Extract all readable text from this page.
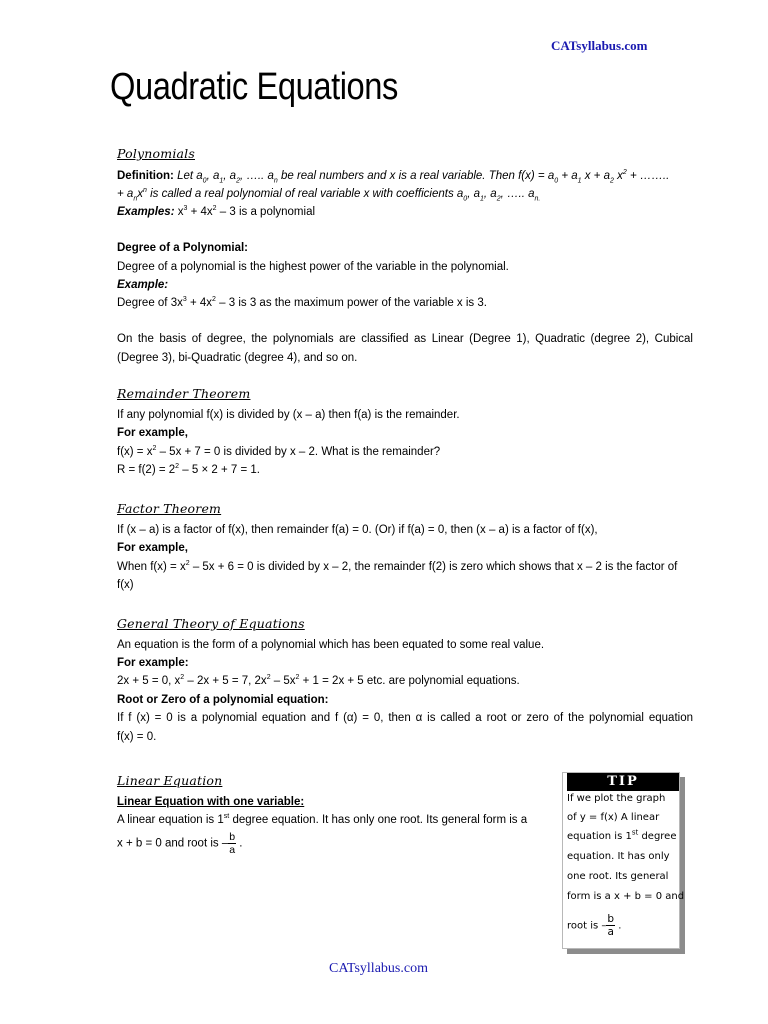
CATsyllabus.com
Quadratic Equations
Polynomials
Definition: Let $a_0$, $a_1$, $a_2$, ….. $a_n$ be real numbers and x is a real variable. Then $f(x) = a_0 + a_1$ $x + a_2$ $x^2$ + ……..
+ $a_nx^n$ is called a real polynomial of real variable x with coefficients $a_0$, $a_1$, $a_2$, ….. $a_{n.}$
Examples: $x^3 + 4x^2 - 3$ is a polynomial
Degree of a Polynomial:
Degree of a polynomial is the highest power of the variable in the polynomial.
Example:
Degree of $3x^3 + 4x^2 - 3$ is 3 as the maximum power of the variable x is 3.
On the basis of degree, the polynomials are classified as Linear (Degree 1), Quadratic (degree 2), Cubical
(Degree 3), bi-Quadratic (degree 4), and so on.
Remainder Theorem
If any polynomial f(x) is divided by (x – a) then f(a) is the remainder.
For example,
$f(x) = x^2 - 5x + 7 = 0$ is divided by x – 2. What is the remainder?
$R = f(2) = 2^2 - 5 \times 2 + 7 = 1$.
Factor Theorem
If (x – a) is a factor of f(x), then remainder f(a) = 0. (Or) if f(a) = 0, then (x – a) is a factor of f(x),
For example,
When $f(x) = x^2 - 5x + 6 = 0$ is divided by x – 2, the remainder f(2) is zero which shows that x – 2 is the factor of
f(x)
General Theory of Equations
An equation is the form of a polynomial which has been equated to some real value.
For example:
2x + 5 = 0, $x^2 - 2x + 5 = 7$, $2x^2 - 5x^2 + 1 = 2x + 5$ etc. are polynomial equations.
Root or Zero of a polynomial equation:
If f (x) = 0 is a polynomial equation and f (α) = 0, then α is called a root or zero of the polynomial equation
f(x) = 0.
Linear Equation
Linear Equation with one variable:
A linear equation is 1st degree equation. It has only one root. Its general form is a
x + b = 0 and root is – $\frac{b}{a}$ .
TIP
If we plot the graph
of y = f(x) A linear
equation is 1st degree
equation. It has only
one root. Its general
form is a x + b = 0 and
root is – $\frac{b}{a}$ .
CATsyllabus.com
